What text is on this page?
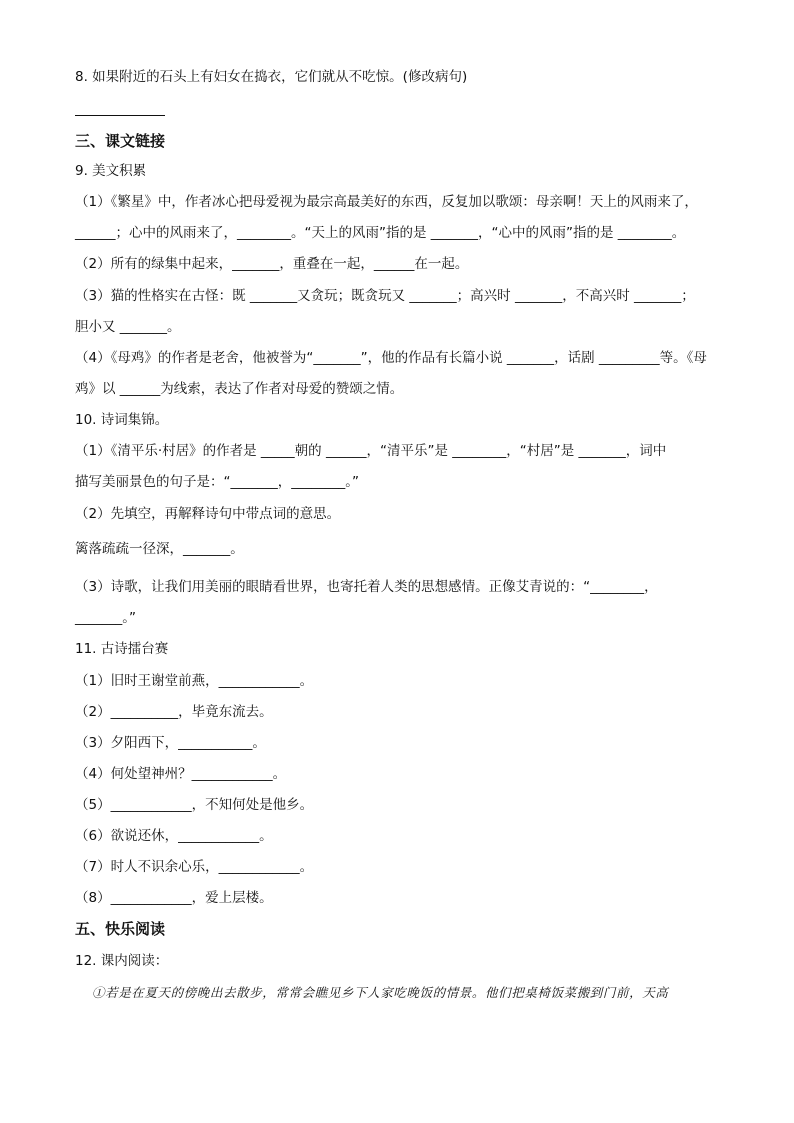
8. 如果附近的石头上有妇女在捣衣，它们就从不吃惊。(修改病句)
三、课文链接
9. 美文积累
（1）《繁星》中，作者冰心把母爱视为最宗高最美好的东西，反复加以歌颂：母亲啊！天上的风雨来了，
______；心中的风雨来了，________。“天上的风雨”指的是 _______，“心中的风雨”指的是 ________。
（2）所有的绿集中起来，_______，重叠在一起，______在一起。
（3）猫的性格实在古怪：既 _______又贪玩；既贪玩又 _______；高兴时 _______，不高兴时 _______；
胆小又 _______。
（4）《母鸡》的作者是老舍，他被誉为“_______”，他的作品有长篇小说 _______，话剧 _________等。《母
鸡》以 ______为线索，表达了作者对母爱的赞颂之情。
10. 诗词集锦。
（1）《清平乐·村居》的作者是 _____朝的 ______，“清平乐”是 ________，“村居”是 _______，词中
描写美丽景色的句子是：“_______，________。”
（2）先填空，再解释诗句中带点词的意思。
篱落疏疏一径深，_______。
（3）诗歌，让我们用美丽的眼睛看世界，也寄托着人类的思想感情。正像艾青说的：“________，
_______。”
11. 古诗擂台赛
（1）旧时王谢堂前燕，____________。
（2）__________，毕竟东流去。
（3）夕阳西下，___________。
（4）何处望神州？____________。
（5）____________，不知何处是他乡。
（6）欲说还休，____________。
（7）时人不识余心乐，____________。
（8）____________，爱上层楼。
五、快乐阅读
12. 课内阅读：
①若是在夏天的傍晚出去散步，常常会瞧见乡下人家吃晚饭的情景。他们把桌椅饭菜搬到门前，天高
